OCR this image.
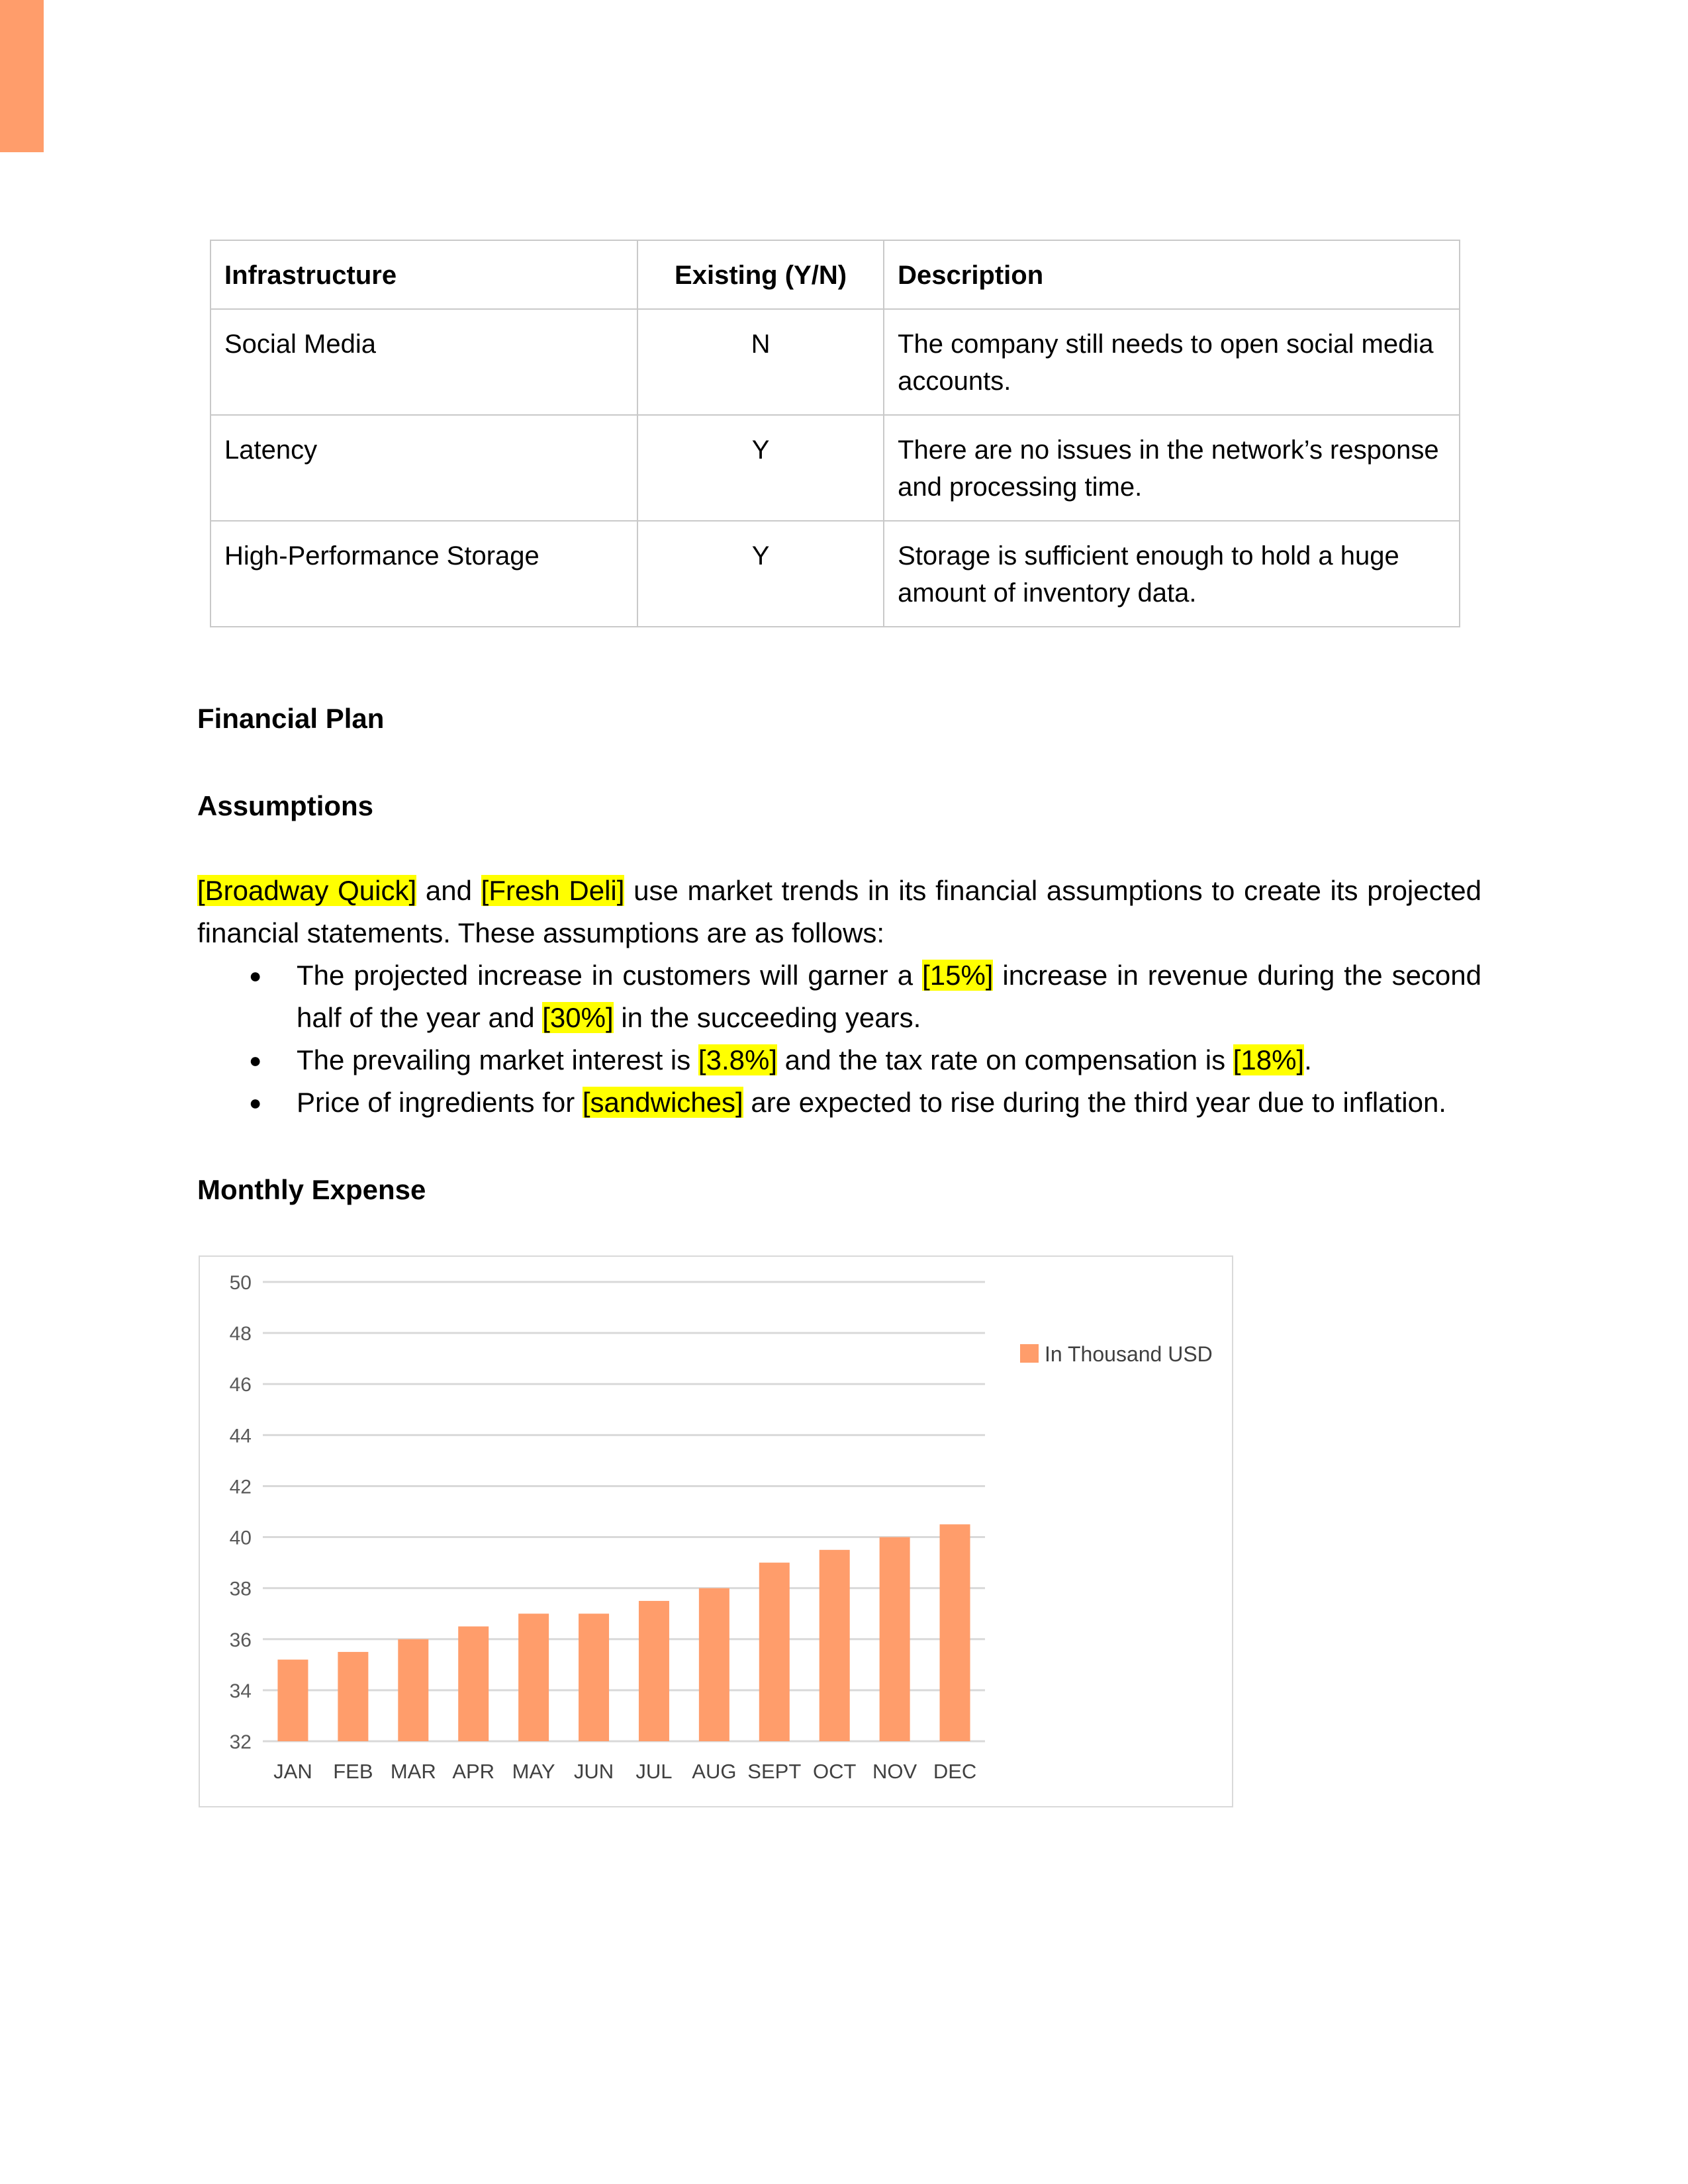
Infrastructure	Existing (Y/N)	Description
Social Media	N	The company still needs to open social media accounts.
Latency	Y	There are no issues in the network’s response and processing time.
High-Performance Storage	Y	Storage is sufficient enough to hold a huge amount of inventory data.
Financial Plan
Assumptions

[Broadway Quick] and [Fresh Deli] use market trends in its financial assumptions to create its projected financial statements. These assumptions are as follows:

● The projected increase in customers will garner a [15%] increase in revenue during the second half of the year and [30%] in the succeeding years.
● The prevailing market interest is [3.8%] and the tax rate on compensation is [18%].
● Price of ingredients for [sandwiches] are expected to rise during the third year due to inflation.
Monthly Expense
32
34
36
38
40
42
44
46
48
50
JAN FEB MAR APR MAY JUN JUL AUG SEPT OCT NOV DEC
In Thousand USD
